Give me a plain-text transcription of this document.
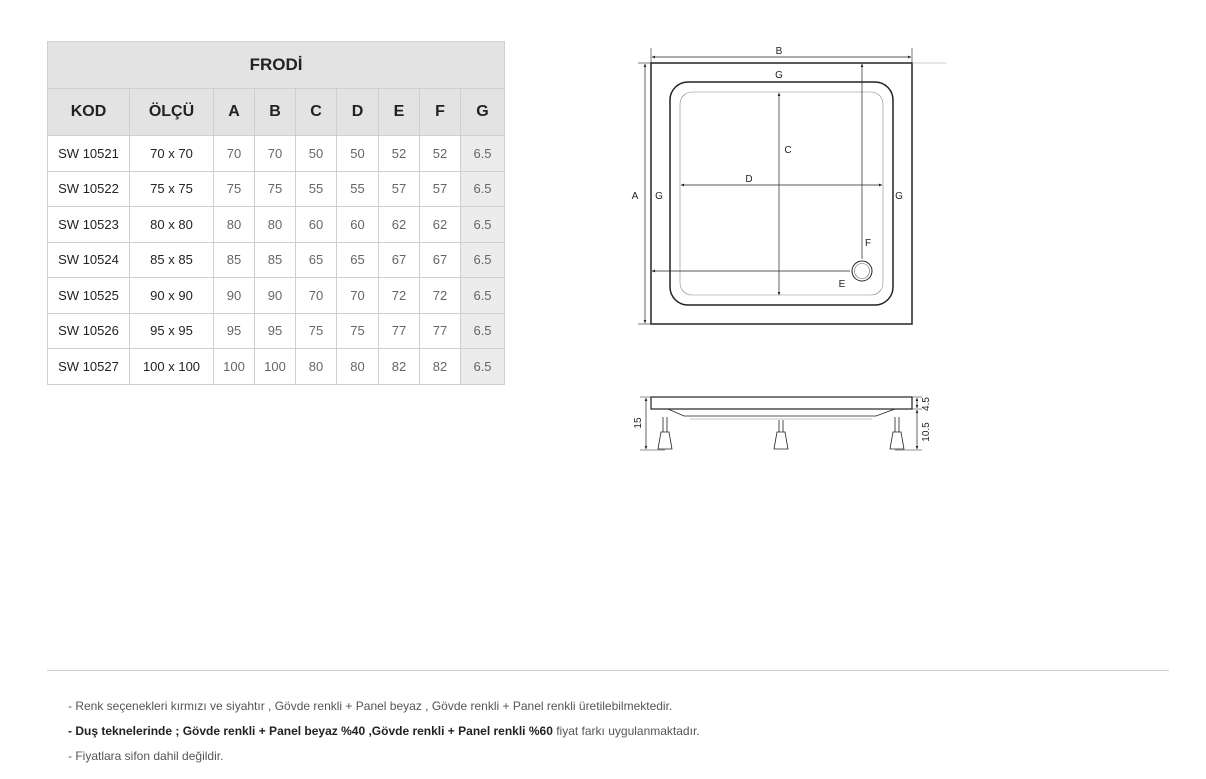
FRODİ								
KOD	ÖLÇÜ	A	B	C	D	E	F	G
SW 10521	70 x 70	70	70	50	50	52	52	6.5
SW 10522	75 x 75	75	75	55	55	57	57	6.5
SW 10523	80 x 80	80	80	60	60	62	62	6.5
SW 10524	85 x 85	85	85	65	65	67	67	6.5
SW 10525	90 x 90	90	90	70	70	72	72	6.5
SW 10526	95 x 95	95	95	75	75	77	77	6.5
SW 10527	100 x 100	100	100	80	80	82	82	6.5
B
G
A G	G
C
D
F
E
15
4.5
10.5
- Renk seçenekleri kırmızı ve siyahtır , Gövde renkli + Panel beyaz , Gövde renkli + Panel renkli üretilebilmektedir.
- Duş teknelerinde ; Gövde renkli + Panel beyaz %40 ,Gövde renkli + Panel renkli %60 fiyat farkı uygulanmaktadır.
- Fiyatlara sifon dahil değildir.
